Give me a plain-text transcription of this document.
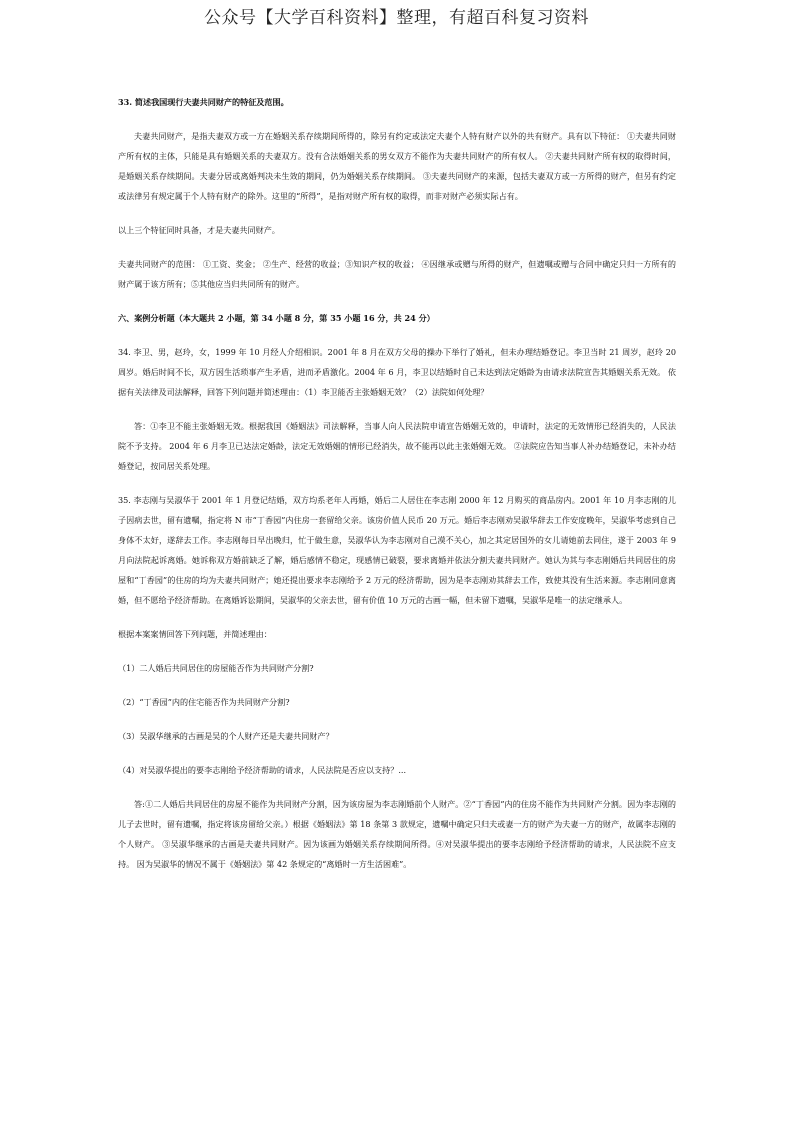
公众号【大学百科资料】整理，有超百科复习资料

33. 简述我国现行夫妻共同财产的特征及范围。

夫妻共同财产，是指夫妻双方或一方在婚姻关系存续期间所得的，除另有约定或法定夫妻个人特有财产以外的共有财产。具有以下特征： ①夫妻共同财产所有权的主体，只能是具有婚姻关系的夫妻双方。没有合法婚姻关系的男女双方不能作为夫妻共同财产的所有权人。 ②夫妻共同财产所有权的取得时间，是婚姻关系存续期间。夫妻分居或离婚判决未生效的期间，仍为婚姻关系存续期间。 ③夫妻共同财产的来源，包括夫妻双方或一方所得的财产，但另有约定或法律另有规定属于个人特有财产的除外。这里的“所得”，是指对财产所有权的取得，而非对财产必须实际占有。

以上三个特征同时具备，才是夫妻共同财产。

夫妻共同财产的范围： ①工资、奖金； ②生产、经营的收益；③知识产权的收益； ④因继承或赠与所得的财产，但遗嘱或赠与合同中确定只归一方所有的财产属于该方所有；⑤其他应当归共同所有的财产。

六、案例分析题（本大题共 2 小题，第 34 小题 8 分，第 35 小题 16 分，共 24 分）

34. 李卫、男，赵玲，女，1999 年 10 月经人介绍相识。2001 年 8 月在双方父母的操办下举行了婚礼，但未办理结婚登记。李卫当时 21 周岁，赵玲 20 周岁。婚后时间不长，双方因生活琐事产生矛盾，进而矛盾激化。2004 年 6 月，李卫以结婚时自己未达到法定婚龄为由请求法院宣告其婚姻关系无效。 依据有关法律及司法解释，回答下列问题并简述理由：（1）李卫能否主张婚姻无效？（2）法院如何处理？

答：①李卫不能主张婚姻无效。根据我国《婚姻法》司法解释，当事人向人民法院申请宣告婚姻无效的，申请时，法定的无效情形已经消失的，人民法院不予支持。 2004 年 6 月李卫已达法定婚龄，法定无效婚姻的情形已经消失，故不能再以此主张婚姻无效。 ②法院应告知当事人补办结婚登记，未补办结婚登记，按同居关系处理。

35. 李志刚与吴淑华于 2001 年 1 月登记结婚，双方均系老年人再婚，婚后二人居住在李志刚 2000 年 12 月购买的商品房内。2001 年 10 月李志刚的儿子因病去世，留有遗嘱，指定将 N 市“丁香园”内住房一套留给父亲。该房价值人民币 20 万元。婚后李志刚劝吴淑华辞去工作安度晚年，吴淑华考虑到自己身体不太好，遂辞去工作。李志刚每日早出晚归，忙于做生意，吴淑华认为李志刚对自己漠不关心，加之其定居国外的女儿请她前去同住，遂于 2003 年 9 月向法院起诉离婚。她诉称双方婚前缺乏了解，婚后感情不稳定，现感情已破裂，要求离婚并依法分割夫妻共同财产。她认为其与李志刚婚后共同居住的房屋和“丁香园”的住房的均为夫妻共同财产；她还提出要求李志刚给予 2 万元的经济帮助，因为是李志刚劝其辞去工作，致使其没有生活来源。李志刚同意离婚，但不愿给予经济帮助。在离婚诉讼期间，吴淑华的父亲去世，留有价值 10 万元的古画一幅，但未留下遗嘱，吴淑华是唯一的法定继承人。

根据本案案情回答下列问题，并简述理由：

（1）二人婚后共同居住的房屋能否作为共同财产分割?

（2）“丁香园”内的住宅能否作为共同财产分割?

（3）吴淑华继承的古画是吴的个人财产还是夫妻共同财产？

（4）对吴淑华提出的要李志刚给予经济帮助的请求，人民法院是否应以支持？...

答:①二人婚后共同居住的房屋不能作为共同财产分割，因为该房屋为李志刚婚前个人财产。②“丁香园”内的住房不能作为共同财产分割。因为李志刚的儿子去世时，留有遗嘱，指定将该房留给父亲。）根据《婚姻法》第 18 条第 3 款规定，遗嘱中确定只归夫或妻一方的财产为夫妻一方的财产，故属李志刚的个人财产。 ③吴淑华继承的古画是夫妻共同财产。因为该画为婚姻关系存续期间所得。④对吴淑华提出的要李志刚给予经济帮助的请求，人民法院不应支持。 因为吴淑华的情况不属于《婚姻法》第 42 条规定的“离婚时一方生活困难”。
